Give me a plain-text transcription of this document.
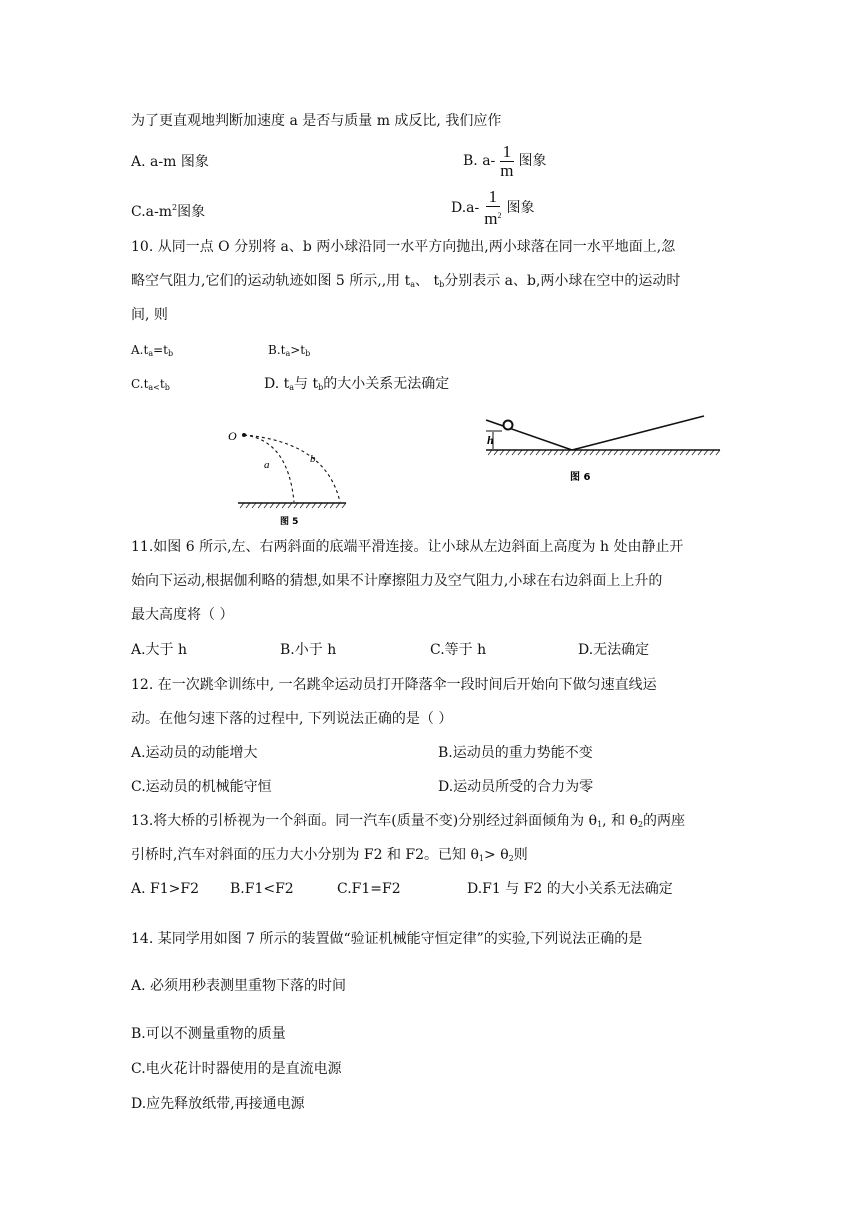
为了更直观地判断加速度 a 是否与质量 m 成反比, 我们应作
A. a-m 图象	B. $a- \frac{1}{m}$ 图象
$C.a-m^2$图象	$D.a- \frac{1}{m^2}$ 图象
10. 从同一点 O 分别将 a、b 两小球沿同一水平方向抛出,两小球落在同一水平地面上,忽
略空气阻力,它们的运动轨迹如图 5 所示,,用 $t_a$、 $t_b$分别表示 a、b,两小球在空中的运动时
间, 则
$A.t_a=t_b$	$B.t_a>t_b$
$C.t_{a<}t_b$	D. $t_a$与 $t_b$的大小关系无法确定
O
a	b
图 5
h
图 6
11.如图 6 所示,左、右两斜面的底端平滑连接。让小球从左边斜面上高度为 h 处由静止开
始向下运动,根据伽利略的猜想,如果不计摩擦阻力及空气阻力,小球在右边斜面上上升的
最大高度将（ ）
A.大于 h	B.小于 h	C.等于 h	D.无法确定
12. 在一次跳伞训练中, 一名跳伞运动员打开降落伞一段时间后开始向下做匀速直线运
动。在他匀速下落的过程中, 下列说法正确的是（ ）
A.运动员的动能增大	B.运动员的重力势能不变
C.运动员的机械能守恒	D.运动员所受的合力为零
13.将大桥的引桥视为一个斜面。同一汽车(质量不变)分别经过斜面倾角为 $\theta_1$, 和 $\theta_2$的两座
引桥时,汽车对斜面的压力大小分别为 F2 和 F2。已知 $\theta_1> \theta_2$则
A. F1>F2 B.F1<F2	C.F1=F2	D.F1 与 F2 的大小关系无法确定
14. 某同学用如图 7 所示的装置做“验证机械能守恒定律”的实验,下列说法正确的是
A. 必须用秒表测里重物下落的时间
B.可以不测量重物的质量
C.电火花计时器使用的是直流电源
D.应先释放纸带,再接通电源
